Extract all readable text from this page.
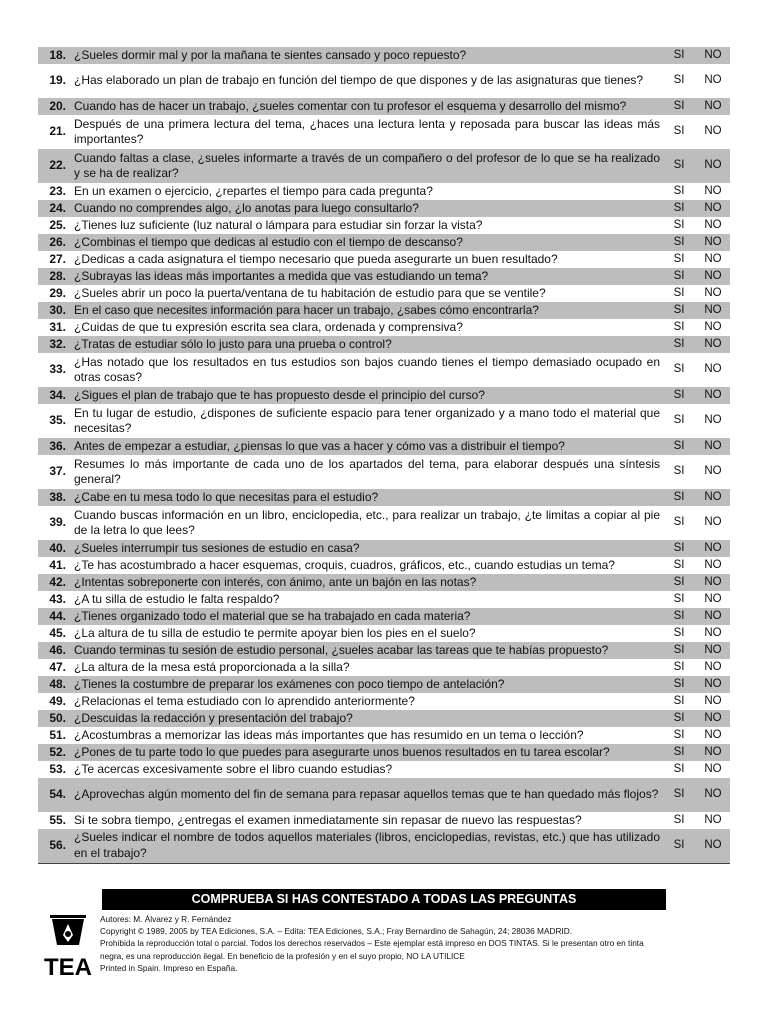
18.	¿Sueles dormir mal y por la mañana te sientes cansado y poco repuesto?	SI	NO
19.	¿Has elaborado un plan de trabajo en función del tiempo de que dispones y de las asignaturas que tienes?	SI	NO
20.	Cuando has de hacer un trabajo, ¿sueles comentar con tu profesor el esquema y desarrollo del mismo?	SI	NO
21.	Después de una primera lectura del tema, ¿haces una lectura lenta y reposada para buscar las ideas más importantes?	SI	NO
22.	Cuando faltas a clase, ¿sueles informarte a través de un compañero o del profesor de lo que se ha realizado y se ha de realizar?	SI	NO
23.	En un examen o ejercicio, ¿repartes el tiempo para cada pregunta?	SI	NO
24.	Cuando no comprendes algo, ¿lo anotas para luego consultarlo?	SI	NO
25.	¿Tienes luz suficiente (luz natural o lámpara para estudiar sin forzar la vista?	SI	NO
26.	¿Combinas el tiempo que dedicas al estudio con el tiempo de descanso?	SI	NO
27.	¿Dedicas a cada asignatura el tiempo necesario que pueda asegurarte un buen resultado?	SI	NO
28.	¿Subrayas las ideas más importantes a medida que vas estudiando un tema?	SI	NO
29.	¿Sueles abrir un poco la puerta/ventana de tu habitación de estudio para que se ventile?	SI	NO
30.	En el caso que necesites información para hacer un trabajo, ¿sabes cómo encontrarla?	SI	NO
31.	¿Cuidas de que tu expresión escrita sea clara, ordenada y comprensiva?	SI	NO
32.	¿Tratas de estudiar sólo lo justo para una prueba o control?	SI	NO
33.	¿Has notado que los resultados en tus estudios son bajos cuando tienes el tiempo demasiado ocupado en otras cosas?	SI	NO
34.	¿Sigues el plan de trabajo que te has propuesto desde el principio del curso?	SI	NO
35.	En tu lugar de estudio, ¿dispones de suficiente espacio para tener organizado y a mano todo el material que necesitas?	SI	NO
36.	Antes de empezar a estudiar, ¿piensas lo que vas a hacer y cómo vas a distribuir el tiempo?	SI	NO
37.	Resumes lo más importante de cada uno de los apartados del tema, para elaborar después una síntesis general?	SI	NO
38.	¿Cabe en tu mesa todo lo que necesitas para el estudio?	SI	NO
39.	Cuando buscas información en un libro, enciclopedia, etc., para realizar un trabajo, ¿te limitas a copiar al pie de la letra lo que lees?	SI	NO
40.	¿Sueles interrumpir tus sesiones de estudio en casa?	SI	NO
41.	¿Te has acostumbrado a hacer esquemas, croquis, cuadros, gráficos, etc., cuando estudias un tema?	SI	NO
42.	¿Intentas sobreponerte con interés, con ánimo, ante un bajón en las notas?	SI	NO
43.	¿A tu silla de estudio le falta respaldo?	SI	NO
44.	¿Tienes organizado todo el material que se ha trabajado en cada materia?	SI	NO
45.	¿La altura de tu silla de estudio te permite apoyar bien los pies en el suelo?	SI	NO
46.	Cuando terminas tu sesión de estudio personal, ¿sueles acabar las tareas que te habías propuesto?	SI	NO
47.	¿La altura de la mesa está proporcionada a la silla?	SI	NO
48.	¿Tienes la costumbre de preparar los exámenes con poco tiempo de antelación?	SI	NO
49.	¿Relacionas el tema estudiado con lo aprendido anteriormente?	SI	NO
50.	¿Descuidas la redacción y presentación del trabajo?	SI	NO
51.	¿Acostumbras a memorizar las ideas más importantes que has resumido en un tema o lección?	SI	NO
52.	¿Pones de tu parte todo lo que puedes para asegurarte unos buenos resultados en tu tarea escolar?	SI	NO
53.	¿Te acercas excesivamente sobre el libro cuando estudias?	SI	NO
54.	¿Aprovechas algún momento del fin de semana para repasar aquellos temas que te han quedado más flojos?	SI	NO
55.	Si te sobra tiempo, ¿entregas el examen inmediatamente sin repasar de nuevo las respuestas?	SI	NO
56.	¿Sueles indicar el nombre de todos aquellos materiales (libros, enciclopedias, revistas, etc.) que has utilizado en el trabajo?	SI	NO
COMPRUEBA SI HAS CONTESTADO A TODAS LAS PREGUNTAS
TEA
Autores: M. Álvarez y R. Fernández
Copyright © 1989, 2005 by TEA Ediciones, S.A. – Edita: TEA Ediciones, S.A.; Fray Bernardino de Sahagún, 24; 28036 MADRID.
Prohibida la reproducción total o parcial. Todos los derechos reservados – Este ejemplar está impreso en DOS TINTAS. Si le presentan otro en tinta
negra, es una reproducción ilegal. En beneficio de la profesión y en el suyo propio, NO LA UTILICE
Printed in Spain. Impreso en España.
